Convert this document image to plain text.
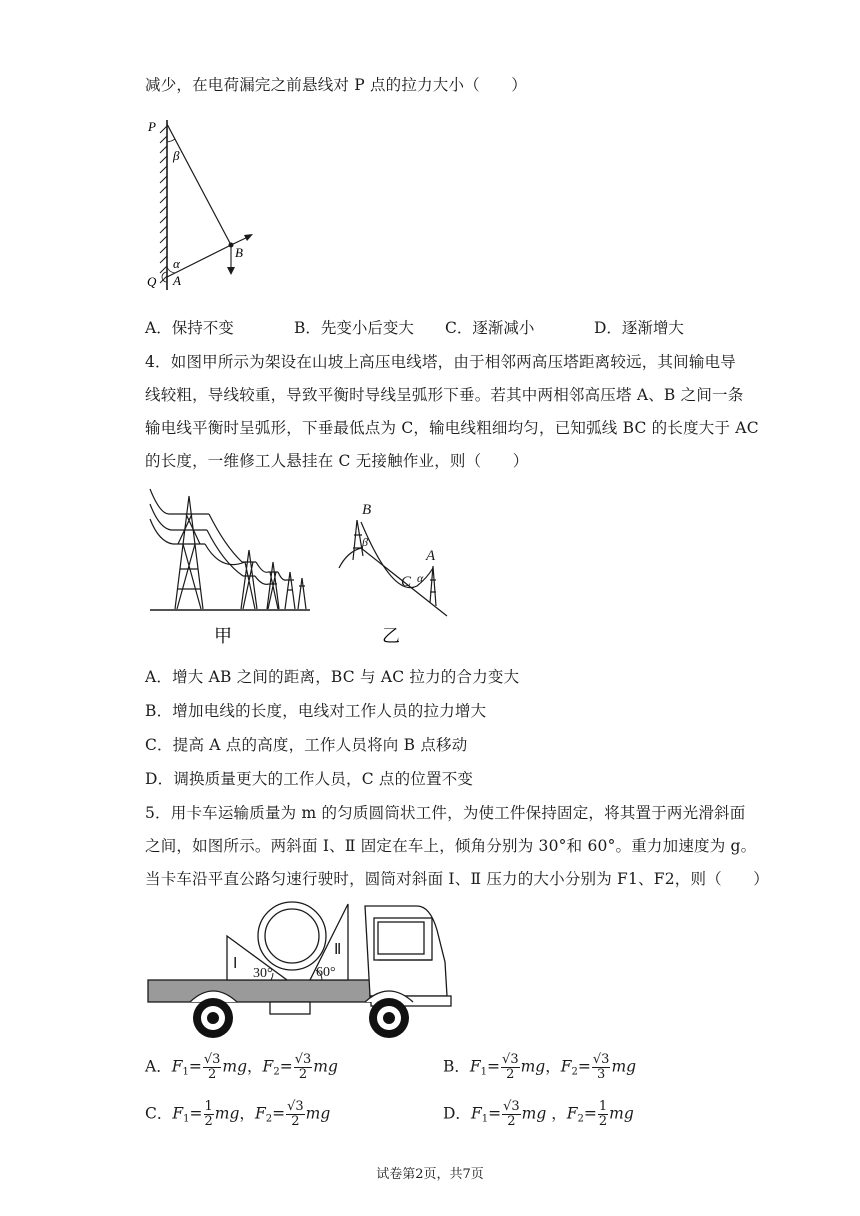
减少，在电荷漏完之前悬线对 P 点的拉力大小（　　）
P
Q A
B
β
α
A．保持不变	B．先变小后变大 C．逐渐减小	D．逐渐增大
4．如图甲所示为架设在山坡上高压电线塔，由于相邻两高压塔距离较远，其间输电导
线较粗，导线较重，导致平衡时导线呈弧形下垂。若其中两相邻高压塔 A、B 之间一条
输电线平衡时呈弧形，下垂最低点为 C，输电线粗细均匀，已知弧线 BC 的长度大于 AC
的长度，一维修工人悬挂在 C 无接触作业，则（　　）
甲
B
A
C
β
α
乙
A．增大 AB 之间的距离，BC 与 AC 拉力的合力变大
B．增加电线的长度，电线对工作人员的拉力增大
C．提高 A 点的高度，工作人员将向 B 点移动
D．调换质量更大的工作人员，C 点的位置不变
5．用卡车运输质量为 m 的匀质圆筒状工件，为使工件保持固定，将其置于两光滑斜面
之间，如图所示。两斜面 Ⅰ、Ⅱ 固定在车上，倾角分别为 30°和 60°。重力加速度为 g。
当卡车沿平直公路匀速行驶时，圆筒对斜面 Ⅰ、Ⅱ 压力的大小分别为 F1、F2，则（　　）
Ⅰ
Ⅱ
30°	60°
A．$F_1= \frac{√3}{2}$ mg，$F_2= \frac{√3}{2}$ mg	B．$F_1= \frac{√3}{2}$ mg，$F_2= \frac{√3}{3}$ mg
C．$F_1= \frac{1}{2}$ mg，$F_2= \frac{√3}{2}$ mg	D．$F_1= \frac{√3}{2}$ mg ，$F_2= \frac{1}{2}$ mg
试卷第2页，共7页
